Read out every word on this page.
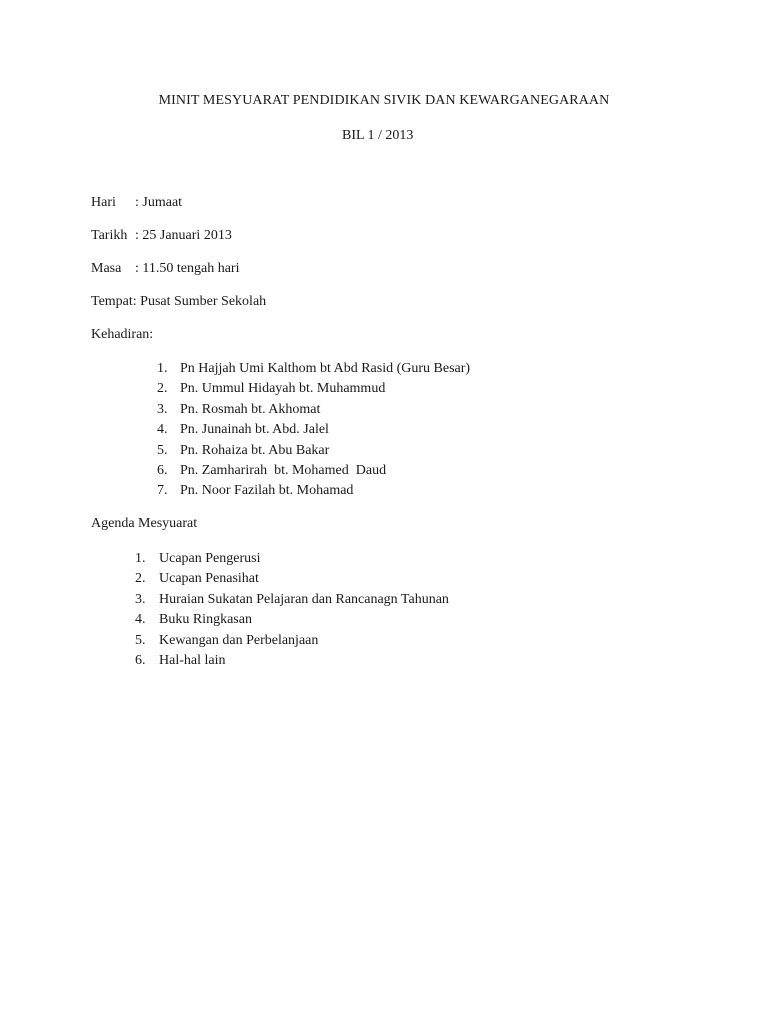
MINIT MESYUARAT PENDIDIKAN SIVIK DAN KEWARGANEGARAAN
BIL 1 / 2013
Hari : Jumaat
Tarikh : 25 Januari 2013
Masa : 11.50 tengah hari
Tempat: Pusat Sumber Sekolah
Kehadiran:
1. Pn Hajjah Umi Kalthom bt Abd Rasid (Guru Besar)
2. Pn. Ummul Hidayah bt. Muhammud
3. Pn. Rosmah bt. Akhomat
4. Pn. Junainah bt. Abd. Jalel
5. Pn. Rohaiza bt. Abu Bakar
6. Pn. Zamharirah  bt. Mohamed  Daud
7. Pn. Noor Fazilah bt. Mohamad
Agenda Mesyuarat
1. Ucapan Pengerusi
2. Ucapan Penasihat
3. Huraian Sukatan Pelajaran dan Rancanagn Tahunan
4. Buku Ringkasan
5. Kewangan dan Perbelanjaan
6. Hal-hal lain
